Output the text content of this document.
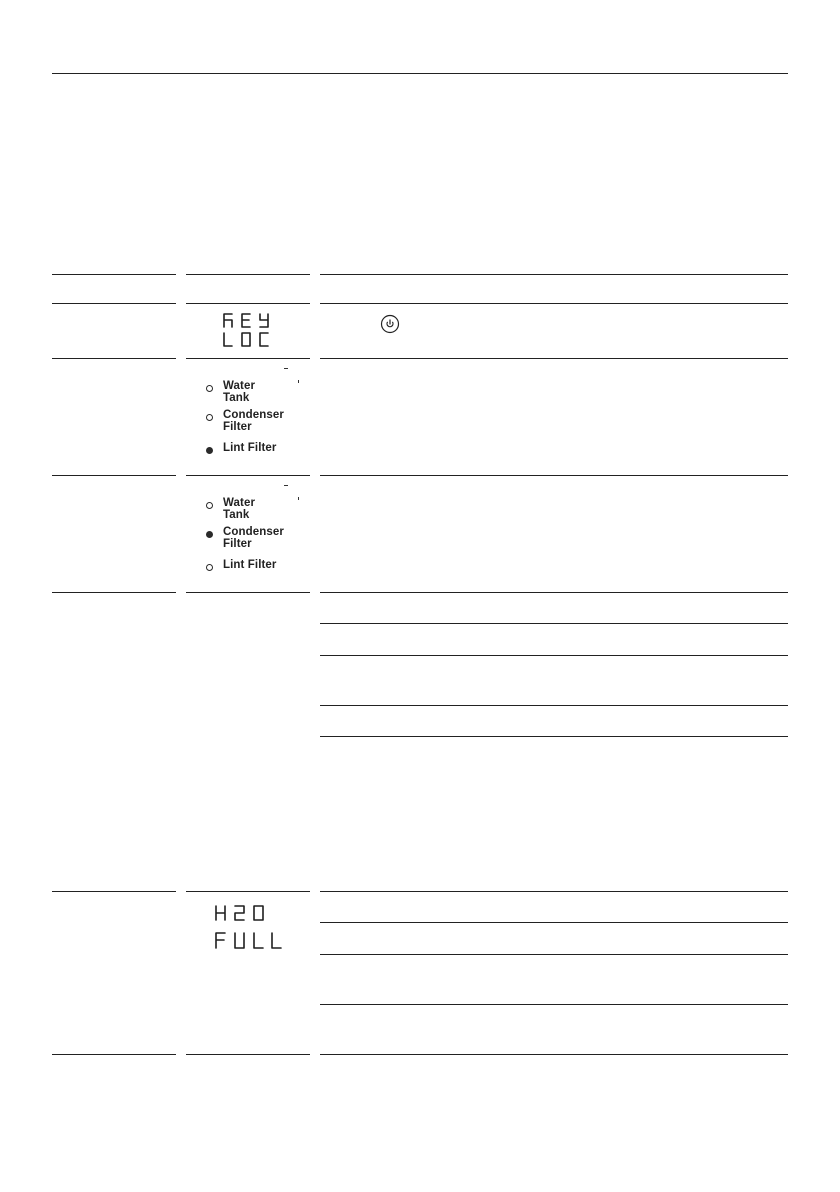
Water
Tank
Condenser
Filter
Lint Filter
Water
Tank
Condenser
Filter
Lint Filter
